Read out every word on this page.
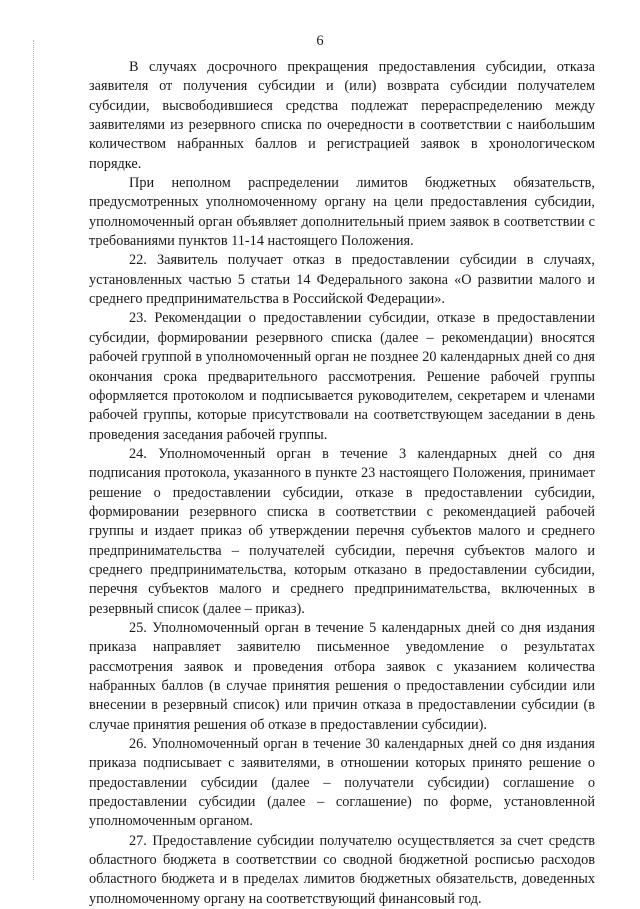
6

В случаях досрочного прекращения предоставления субсидии, отказа заявителя от получения субсидии и (или) возврата субсидии получателем субсидии, высвободившиеся средства подлежат перераспределению между заявителями из резервного списка по очередности в соответствии с наибольшим количеством набранных баллов и регистрацией заявок в хронологическом порядке.

При неполном распределении лимитов бюджетных обязательств, предусмотренных уполномоченному органу на цели предоставления субсидии, уполномоченный орган объявляет дополнительный прием заявок в соответствии с требованиями пунктов 11-14 настоящего Положения.

22. Заявитель получает отказ в предоставлении субсидии в случаях, установленных частью 5 статьи 14 Федерального закона «О развитии малого и среднего предпринимательства в Российской Федерации».

23. Рекомендации о предоставлении субсидии, отказе в предоставлении субсидии, формировании резервного списка (далее – рекомендации) вносятся рабочей группой в уполномоченный орган не позднее 20 календарных дней со дня окончания срока предварительного рассмотрения. Решение рабочей группы оформляется протоколом и подписывается руководителем, секретарем и членами рабочей группы, которые присутствовали на соответствующем заседании в день проведения заседания рабочей группы.

24. Уполномоченный орган в течение 3 календарных дней со дня подписания протокола, указанного в пункте 23 настоящего Положения, принимает решение о предоставлении субсидии, отказе в предоставлении субсидии, формировании резервного списка в соответствии с рекомендацией рабочей группы и издает приказ об утверждении перечня субъектов малого и среднего предпринимательства – получателей субсидии, перечня субъектов малого и среднего предпринимательства, которым отказано в предоставлении субсидии, перечня субъектов малого и среднего предпринимательства, включенных в резервный список (далее – приказ).

25. Уполномоченный орган в течение 5 календарных дней со дня издания приказа направляет заявителю письменное уведомление о результатах рассмотрения заявок и проведения отбора заявок с указанием количества набранных баллов (в случае принятия решения о предоставлении субсидии или внесении в резервный список) или причин отказа в предоставлении субсидии (в случае принятия решения об отказе в предоставлении субсидии).

26. Уполномоченный орган в течение 30 календарных дней со дня издания приказа подписывает с заявителями, в отношении которых принято решение о предоставлении субсидии (далее – получатели субсидии) соглашение о предоставлении субсидии (далее – соглашение) по форме, установленной уполномоченным органом.

27. Предоставление субсидии получателю осуществляется за счет средств областного бюджета в соответствии со сводной бюджетной росписью расходов областного бюджета и в пределах лимитов бюджетных обязательств, доведенных уполномоченному органу на соответствующий финансовый год.
